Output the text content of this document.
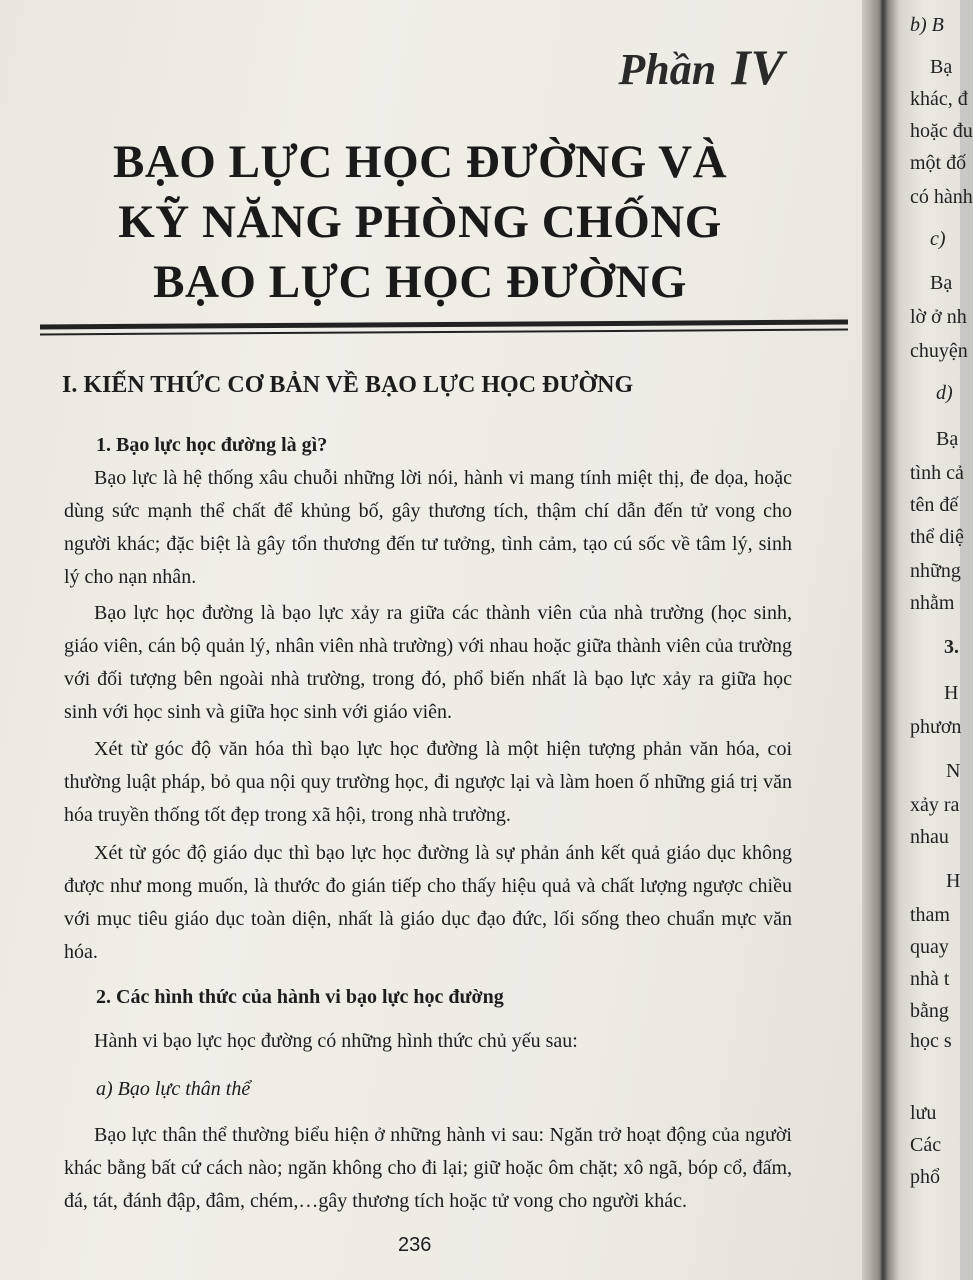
Phần IV
BẠO LỰC HỌC ĐƯỜNG VÀ
KỸ NĂNG PHÒNG CHỐNG
BẠO LỰC HỌC ĐƯỜNG
I. KIẾN THỨC CƠ BẢN VỀ BẠO LỰC HỌC ĐƯỜNG
1. Bạo lực học đường là gì?
Bạo lực là hệ thống xâu chuỗi những lời nói, hành vi mang tính miệt thị, đe dọa, hoặc dùng sức mạnh thể chất để khủng bố, gây thương tích, thậm chí dẫn đến tử vong cho người khác; đặc biệt là gây tổn thương đến tư tưởng, tình cảm, tạo cú sốc về tâm lý, sinh lý cho nạn nhân.
Bạo lực học đường là bạo lực xảy ra giữa các thành viên của nhà trường (học sinh, giáo viên, cán bộ quản lý, nhân viên nhà trường) với nhau hoặc giữa thành viên của trường với đối tượng bên ngoài nhà trường, trong đó, phổ biến nhất là bạo lực xảy ra giữa học sinh với học sinh và giữa học sinh với giáo viên.
Xét từ góc độ văn hóa thì bạo lực học đường là một hiện tượng phản văn hóa, coi thường luật pháp, bỏ qua nội quy trường học, đi ngược lại và làm hoen ố những giá trị văn hóa truyền thống tốt đẹp trong xã hội, trong nhà trường.
Xét từ góc độ giáo dục thì bạo lực học đường là sự phản ánh kết quả giáo dục không được như mong muốn, là thước đo gián tiếp cho thấy hiệu quả và chất lượng ngược chiều với mục tiêu giáo dục toàn diện, nhất là giáo dục đạo đức, lối sống theo chuẩn mực văn hóa.
2. Các hình thức của hành vi bạo lực học đường
Hành vi bạo lực học đường có những hình thức chủ yếu sau:
a) Bạo lực thân thể
Bạo lực thân thể thường biểu hiện ở những hành vi sau: Ngăn trở hoạt động của người khác bằng bất cứ cách nào; ngăn không cho đi lại; giữ hoặc ôm chặt; xô ngã, bóp cổ, đấm, đá, tát, đánh đập, đâm, chém,…gây thương tích hoặc tử vong cho người khác.
236
b) B
Bạ
khác, đ
hoặc đu
một đố
có hành
c)
Bạ
lờ ở nh
chuyện
d)
Bạ
tình cả
tên đế
thể diệ
những
nhằm
3.
H
phươn
N
xảy ra
nhau
H
tham
quay
nhà t
bằng
học s
lưu
Các
phổ
